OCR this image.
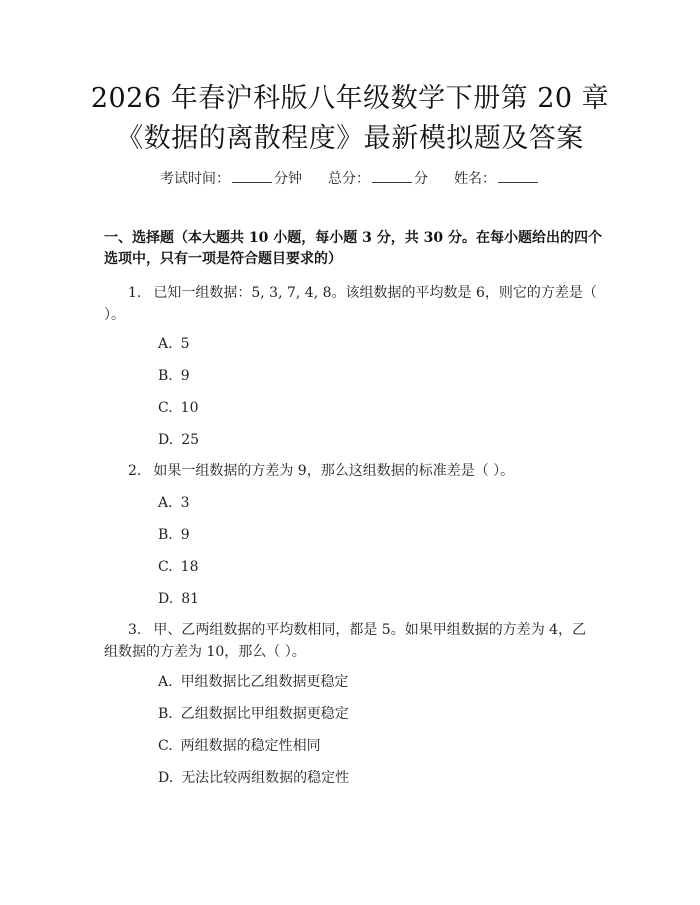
2026 年春沪科版八年级数学下册第 20 章
《数据的离散程度》最新模拟题及答案
考试时间：	分钟 总分：	分 姓名：
一、选择题（本大题共 10 小题，每小题 3 分，共 30 分。在每小题给出的四个选项中，只有一项是符合题目要求的）
1. 已知一组数据：5, 3, 7, 4, 8。该组数据的平均数是 6，则它的方差是（ ）。
A. 5
B. 9
C. 10
D. 25
2. 如果一组数据的方差为 9，那么这组数据的标准差是（ ）。
A. 3
B. 9
C. 18
D. 81
3. 甲、乙两组数据的平均数相同，都是 5。如果甲组数据的方差为 4，乙组数据的方差为 10，那么（ ）。
A. 甲组数据比乙组数据更稳定
B. 乙组数据比甲组数据更稳定
C. 两组数据的稳定性相同
D. 无法比较两组数据的稳定性
